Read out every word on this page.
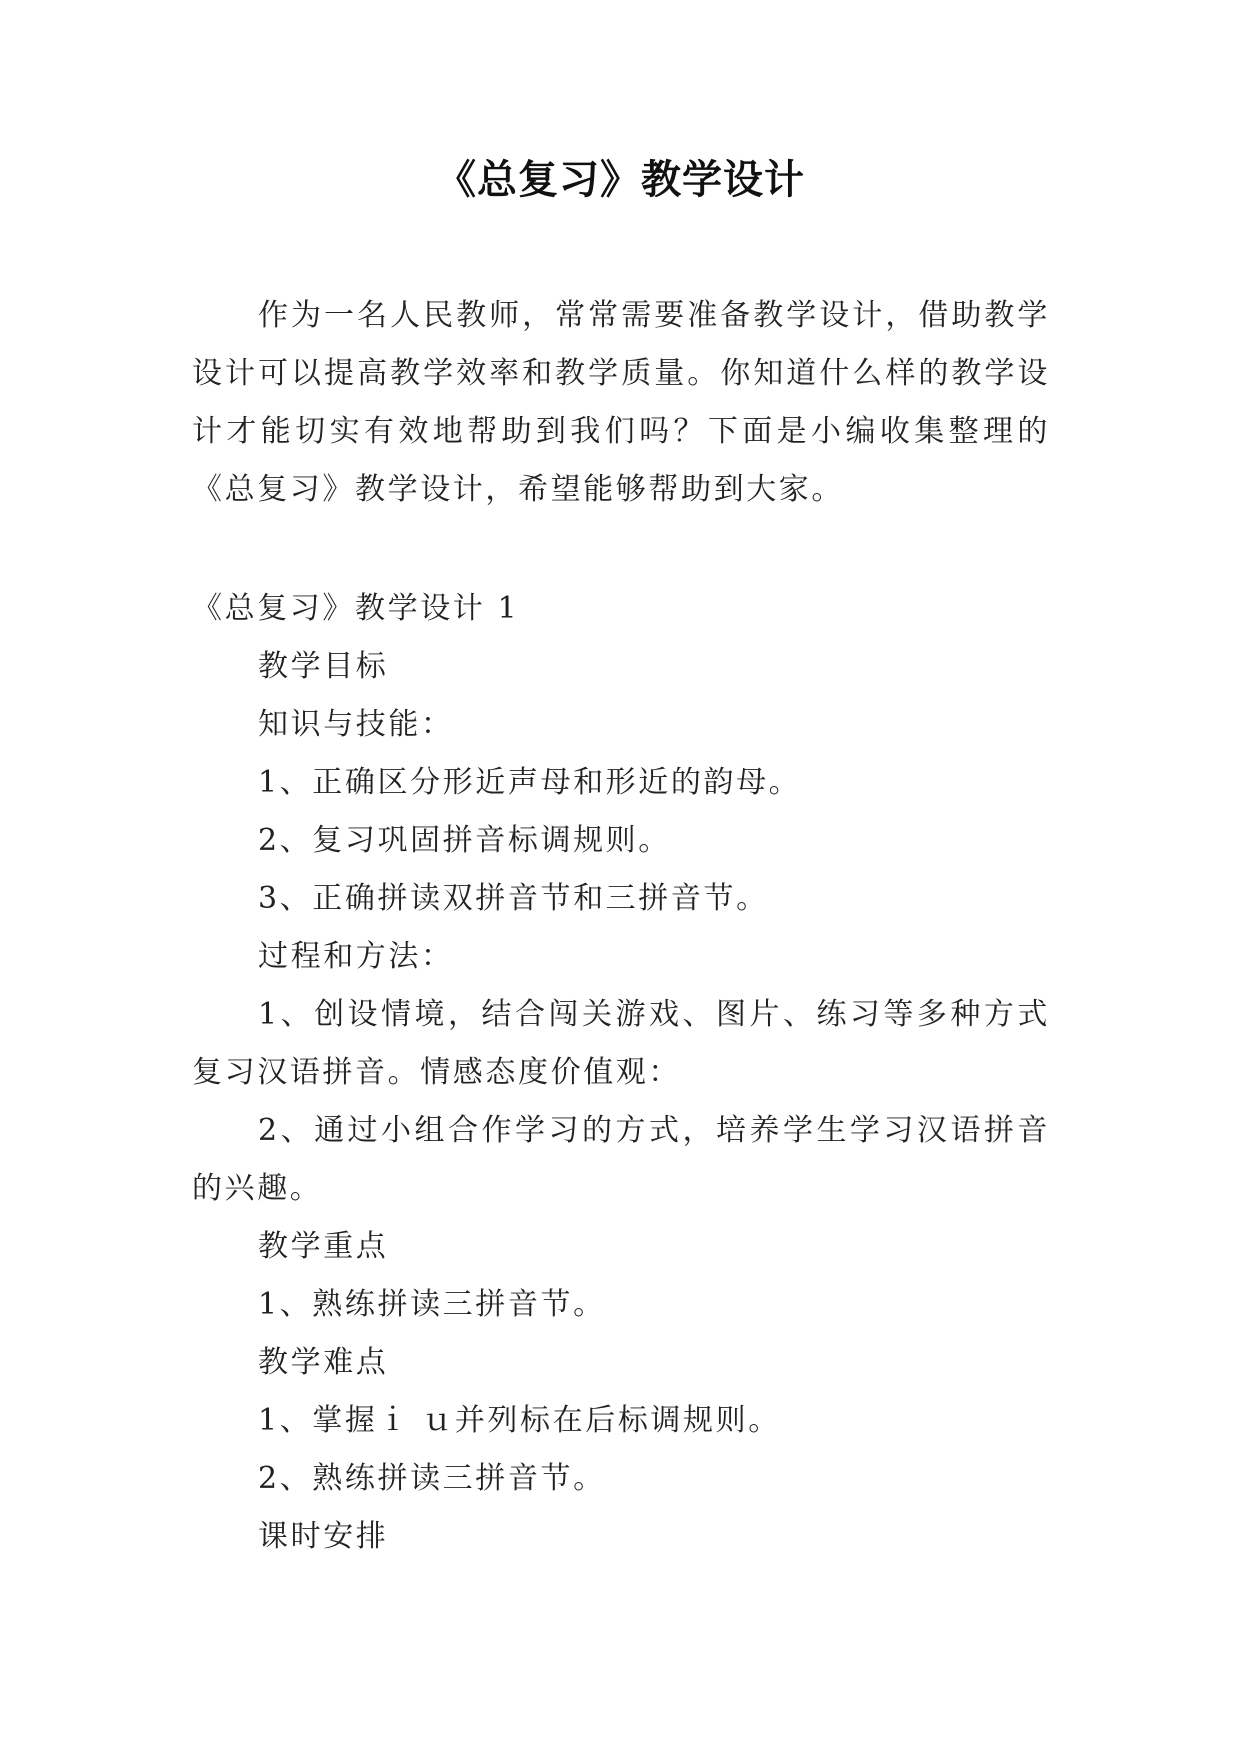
《总复习》教学设计

作为一名人民教师，常常需要准备教学设计，借助教学设计可以提高教学效率和教学质量。你知道什么样的教学设计才能切实有效地帮助到我们吗？下面是小编收集整理的《总复习》教学设计，希望能够帮助到大家。

《总复习》教学设计 1

教学目标

知识与技能：

1、正确区分形近声母和形近的韵母。

2、复习巩固拼音标调规则。

3、正确拼读双拼音节和三拼音节。

过程和方法：

1、创设情境，结合闯关游戏、图片、练习等多种方式复习汉语拼音。情感态度价值观：

2、通过小组合作学习的方式，培养学生学习汉语拼音的兴趣。

教学重点

1、熟练拼读三拼音节。

教学难点

1、掌握ｉ ｕ并列标在后标调规则。

2、熟练拼读三拼音节。

课时安排
